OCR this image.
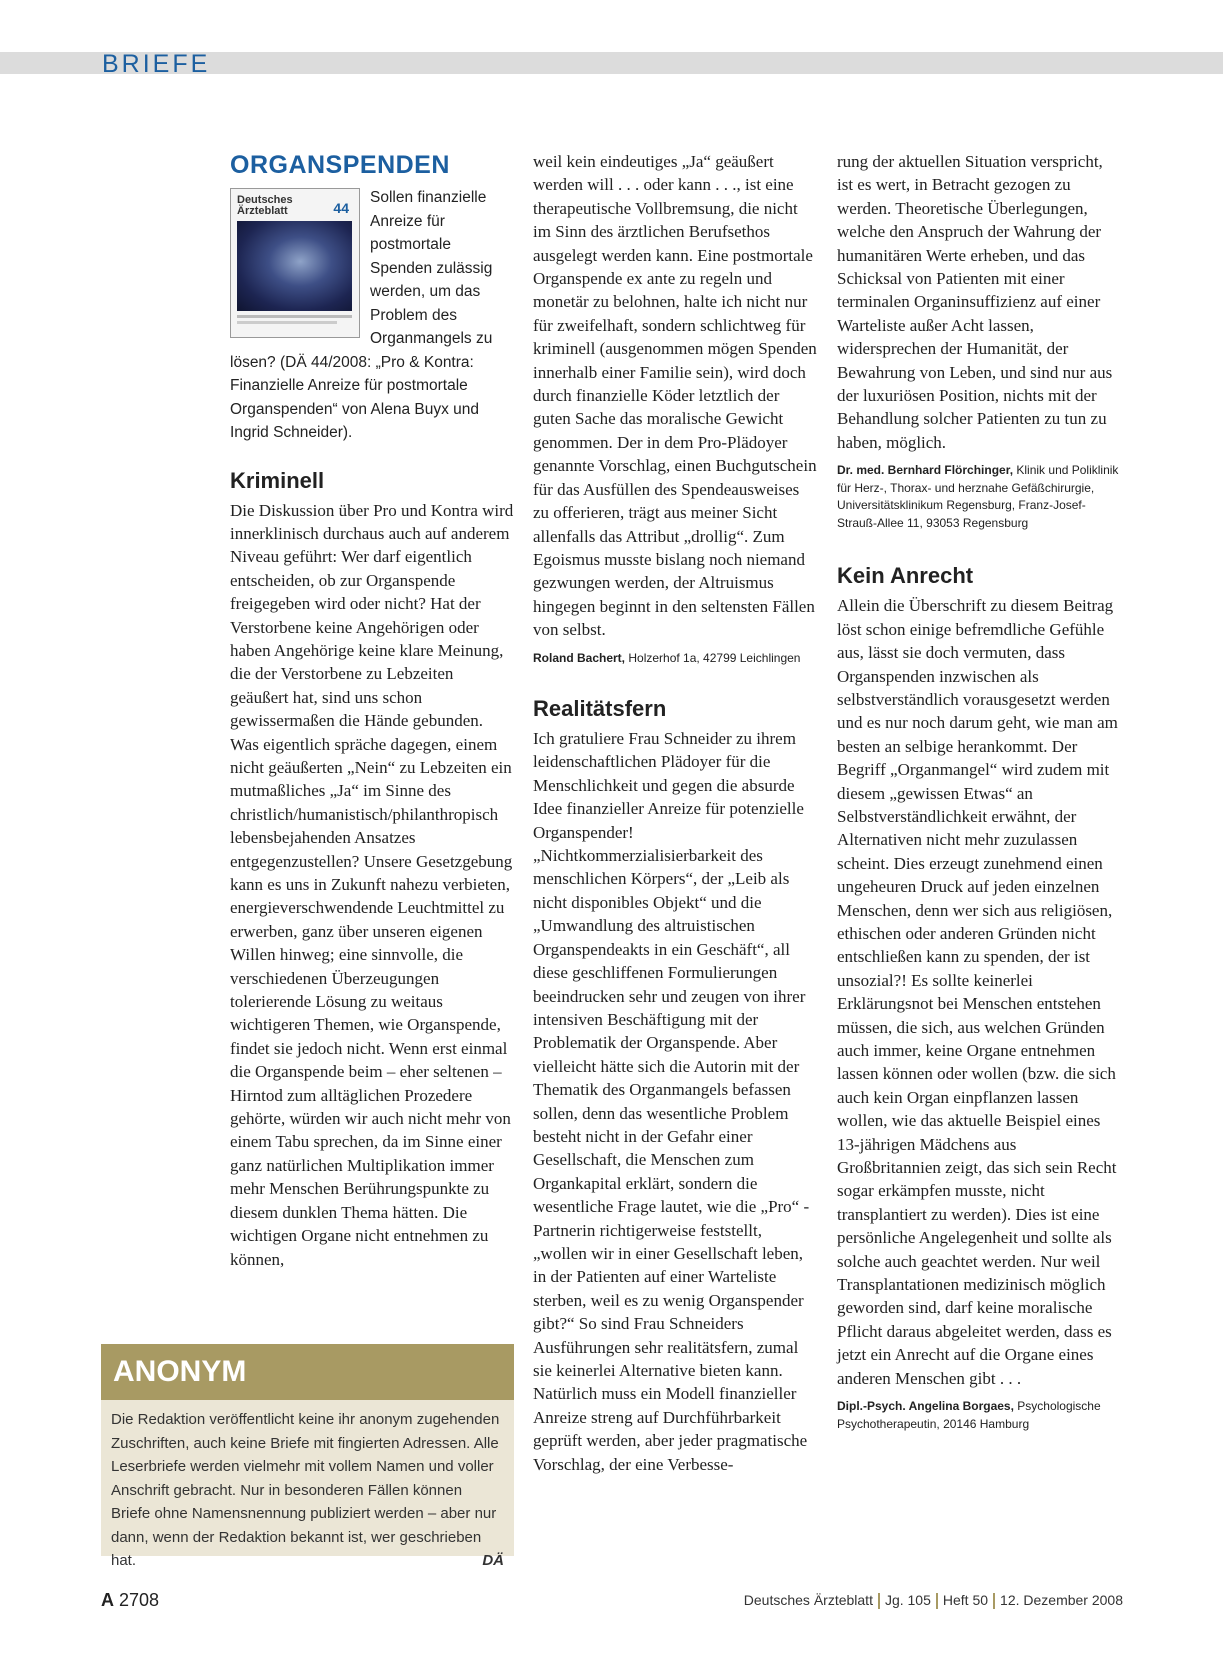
BRIEFE
ORGANSPENDEN
Deutsches Ärzteblatt	44
Sollen finanzielle Anreize für postmortale Spenden zulässig werden, um das Problem des Organmangels zu lösen? (DÄ 44/2008: „Pro & Kontra: Finanzielle Anreize für postmortale Organspenden“ von Alena Buyx und Ingrid Schneider).
Kriminell

Die Diskussion über Pro und Kontra wird innerklinisch durchaus auch auf anderem Niveau geführt: Wer darf eigentlich entscheiden, ob zur Organspende freigegeben wird oder nicht? Hat der Verstorbene keine Angehörigen oder haben Angehörige keine klare Meinung, die der Verstorbene zu Lebzeiten geäußert hat, sind uns schon gewissermaßen die Hände gebunden. Was eigentlich spräche dagegen, einem nicht geäußerten „Nein“ zu Lebzeiten ein mutmaßliches „Ja“ im Sinne des christlich/humanistisch/philanthropisch lebensbejahenden Ansatzes entgegenzustellen? Unsere Gesetzgebung kann es uns in Zukunft nahezu verbieten, energieverschwendende Leuchtmittel zu erwerben, ganz über unseren eigenen Willen hinweg; eine sinnvolle, die verschiedenen Überzeugungen tolerierende Lösung zu weitaus wichtigeren Themen, wie Organspende, findet sie jedoch nicht. Wenn erst einmal die Organspende beim – eher seltenen – Hirntod zum alltäglichen Prozedere gehörte, würden wir auch nicht mehr von einem Tabu sprechen, da im Sinne einer ganz natürlichen Multiplikation immer mehr Menschen Berührungspunkte zu diesem dunklen Thema hätten. Die wichtigen Organe nicht entnehmen zu können,

weil kein eindeutiges „Ja“ geäußert werden will . . . oder kann . . ., ist eine therapeutische Vollbremsung, die nicht im Sinn des ärztlichen Berufsethos ausgelegt werden kann. Eine postmortale Organspende ex ante zu regeln und monetär zu belohnen, halte ich nicht nur für zweifelhaft, sondern schlichtweg für kriminell (ausgenommen mögen Spenden innerhalb einer Familie sein), wird doch durch finanzielle Köder letztlich der guten Sache das moralische Gewicht genommen. Der in dem Pro-Plädoyer genannte Vorschlag, einen Buchgutschein für das Ausfüllen des Spendeausweises zu offerieren, trägt aus meiner Sicht allenfalls das Attribut „drollig“. Zum Egoismus musste bislang noch niemand gezwungen werden, der Altruismus hingegen beginnt in den seltensten Fällen von selbst.

Roland Bachert, Holzerhof 1a, 42799 Leichlingen

Realitätsfern

Ich gratuliere Frau Schneider zu ihrem leidenschaftlichen Plädoyer für die Menschlichkeit und gegen die absurde Idee finanzieller Anreize für potenzielle Organspender! „Nichtkommerzialisierbarkeit des menschlichen Körpers“, der „Leib als nicht disponibles Objekt“ und die „Umwandlung des altruistischen Organspendeakts in ein Geschäft“, all diese geschliffenen Formulierungen beeindrucken sehr und zeugen von ihrer intensiven Beschäftigung mit der Problematik der Organspende. Aber vielleicht hätte sich die Autorin mit der Thematik des Organmangels befassen sollen, denn das wesentliche Problem besteht nicht in der Gefahr einer Gesellschaft, die Menschen zum Organkapital erklärt, sondern die wesentliche Frage lautet, wie die „Pro“ -Partnerin richtigerweise feststellt, „wollen wir in einer Gesellschaft leben, in der Patienten auf einer Warteliste sterben, weil es zu wenig Organspender gibt?“ So sind Frau Schneiders Ausführungen sehr realitätsfern, zumal sie keinerlei Alternative bieten kann. Natürlich muss ein Modell finanzieller Anreize streng auf Durchführbarkeit geprüft werden, aber jeder pragmatische Vorschlag, der eine Verbesse-

rung der aktuellen Situation verspricht, ist es wert, in Betracht gezogen zu werden. Theoretische Überlegungen, welche den Anspruch der Wahrung der humanitären Werte erheben, und das Schicksal von Patienten mit einer terminalen Organinsuffizienz auf einer Warteliste außer Acht lassen, widersprechen der Humanität, der Bewahrung von Leben, und sind nur aus der luxuriösen Position, nichts mit der Behandlung solcher Patienten zu tun zu haben, möglich.

Dr. med. Bernhard Flörchinger, Klinik und Poliklinik für Herz-, Thorax- und herznahe Gefäßchirurgie, Universitätsklinikum Regensburg, Franz-Josef-Strauß-Allee 11, 93053 Regensburg

Kein Anrecht

Allein die Überschrift zu diesem Beitrag löst schon einige befremdliche Gefühle aus, lässt sie doch vermuten, dass Organspenden inzwischen als selbstverständlich vorausgesetzt werden und es nur noch darum geht, wie man am besten an selbige herankommt. Der Begriff „Organmangel“ wird zudem mit diesem „gewissen Etwas“ an Selbstverständlichkeit erwähnt, der Alternativen nicht mehr zuzulassen scheint. Dies erzeugt zunehmend einen ungeheuren Druck auf jeden einzelnen Menschen, denn wer sich aus religiösen, ethischen oder anderen Gründen nicht entschließen kann zu spenden, der ist unsozial?! Es sollte keinerlei Erklärungsnot bei Menschen entstehen müssen, die sich, aus welchen Gründen auch immer, keine Organe entnehmen lassen können oder wollen (bzw. die sich auch kein Organ einpflanzen lassen wollen, wie das aktuelle Beispiel eines 13-jährigen Mädchens aus Großbritannien zeigt, das sich sein Recht sogar erkämpfen musste, nicht transplantiert zu werden). Dies ist eine persönliche Angelegenheit und sollte als solche auch geachtet werden. Nur weil Transplantationen medizinisch möglich geworden sind, darf keine moralische Pflicht daraus abgeleitet werden, dass es jetzt ein Anrecht auf die Organe eines anderen Menschen gibt . . .

Dipl.-Psych. Angelina Borgaes, Psychologische Psychotherapeutin, 20146 Hamburg

ANONYM
Die Redaktion veröffentlicht keine ihr anonym zugehenden Zuschriften, auch keine Briefe mit fingierten Adressen. Alle Leserbriefe werden vielmehr mit vollem Namen und voller Anschrift gebracht. Nur in besonderen Fällen können Briefe ohne Namensnennung publiziert werden – aber nur dann, wenn der Redaktion bekannt ist, wer geschrieben hat.	DÄ
A 2708	Deutsches Ärzteblatt Jg. 105 Heft 50 12. Dezember 2008
